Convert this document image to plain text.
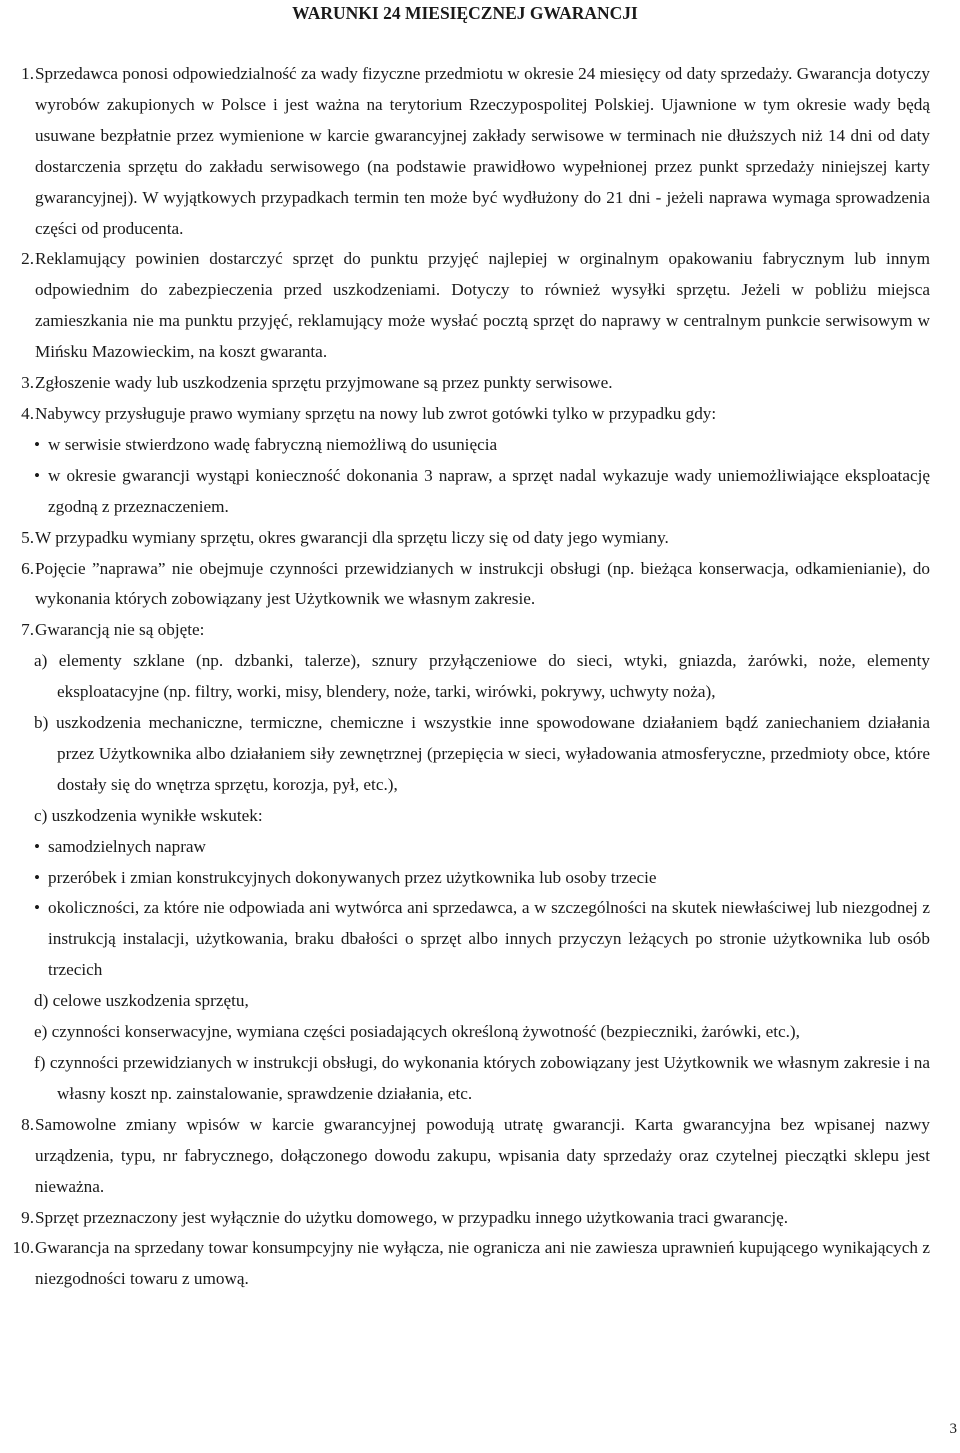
WARUNKI 24 MIESIĘCZNEJ GWARANCJI
1. Sprzedawca ponosi odpowiedzialność za wady fizyczne przedmiotu w okresie 24 miesięcy od daty sprzedaży. Gwarancja dotyczy wyrobów zakupionych w Polsce i jest ważna na terytorium Rzeczypospolitej Polskiej. Ujawnione w tym okresie wady będą usuwane bezpłatnie przez wymienione w karcie gwarancyjnej zakłady serwisowe w terminach nie dłuższych niż 14 dni od daty dostarczenia sprzętu do zakładu serwisowego (na podstawie prawidłowo wypełnionej przez punkt sprzedaży niniejszej karty gwarancyjnej). W wyjątkowych przypadkach termin ten może być wydłużony do 21 dni - jeżeli naprawa wymaga sprowadzenia części od producenta.
2. Reklamujący powinien dostarczyć sprzęt do punktu przyjęć najlepiej w orginalnym opakowaniu fabrycznym lub innym odpowiednim do zabezpieczenia przed uszkodzeniami. Dotyczy to również wysyłki sprzętu. Jeżeli w pobliżu miejsca zamieszkania nie ma punktu przyjęć, reklamujący może wysłać pocztą sprzęt do naprawy w centralnym punkcie serwisowym w Mińsku Mazowieckim, na koszt gwaranta.
3. Zgłoszenie wady lub uszkodzenia sprzętu przyjmowane są przez punkty serwisowe.
4. Nabywcy przysługuje prawo wymiany sprzętu na nowy lub zwrot gotówki tylko w przypadku gdy:
• w serwisie stwierdzono wadę fabryczną niemożliwą do usunięcia
• w okresie gwarancji wystąpi konieczność dokonania 3 napraw, a sprzęt nadal wykazuje wady uniemożliwiające eksploatację zgodną z przeznaczeniem.
5. W przypadku wymiany sprzętu, okres gwarancji dla sprzętu liczy się od daty jego wymiany.
6. Pojęcie ”naprawa” nie obejmuje czynności przewidzianych w instrukcji obsługi (np. bieżąca konserwacja, odkamienianie), do wykonania których zobowiązany jest Użytkownik we własnym zakresie.
7. Gwarancją nie są objęte:
a) elementy szklane (np. dzbanki, talerze), sznury przyłączeniowe do sieci, wtyki, gniazda, żarówki, noże, elementy eksploatacyjne (np. filtry, worki, misy, blendery, noże, tarki, wirówki, pokrywy, uchwyty noża),
b) uszkodzenia mechaniczne, termiczne, chemiczne i wszystkie inne spowodowane działaniem bądź zaniechaniem działania przez Użytkownika albo działaniem siły zewnętrznej (przepięcia w sieci, wyładowania atmosferyczne, przedmioty obce, które dostały się do wnętrza sprzętu, korozja, pył, etc.),
c) uszkodzenia wynikłe wskutek:
• samodzielnych napraw
• przeróbek i zmian konstrukcyjnych dokonywanych przez użytkownika lub osoby trzecie
• okoliczności, za które nie odpowiada ani wytwórca ani sprzedawca, a w szczególności na skutek niewłaściwej lub niezgodnej z instrukcją instalacji, użytkowania, braku dbałości o sprzęt albo innych przyczyn leżących po stronie użytkownika lub osób trzecich
d) celowe uszkodzenia sprzętu,
e) czynności konserwacyjne, wymiana części posiadających określoną żywotność (bezpieczniki, żarówki, etc.),
f) czynności przewidzianych w instrukcji obsługi, do wykonania których zobowiązany jest Użytkownik we własnym zakresie i na własny koszt np. zainstalowanie, sprawdzenie działania, etc.
8. Samowolne zmiany wpisów w karcie gwarancyjnej powodują utratę gwarancji. Karta gwarancyjna bez wpisanej nazwy urządzenia, typu, nr fabrycznego, dołączonego dowodu zakupu, wpisania daty sprzedaży oraz czytelnej pieczątki sklepu jest nieważna.
9. Sprzęt przeznaczony jest wyłącznie do użytku domowego, w przypadku innego użytkowania traci gwarancję.
10. Gwarancja na sprzedany towar konsumpcyjny nie wyłącza, nie ogranicza ani nie zawiesza uprawnień kupującego wynikających z niezgodności towaru z umową.
3
